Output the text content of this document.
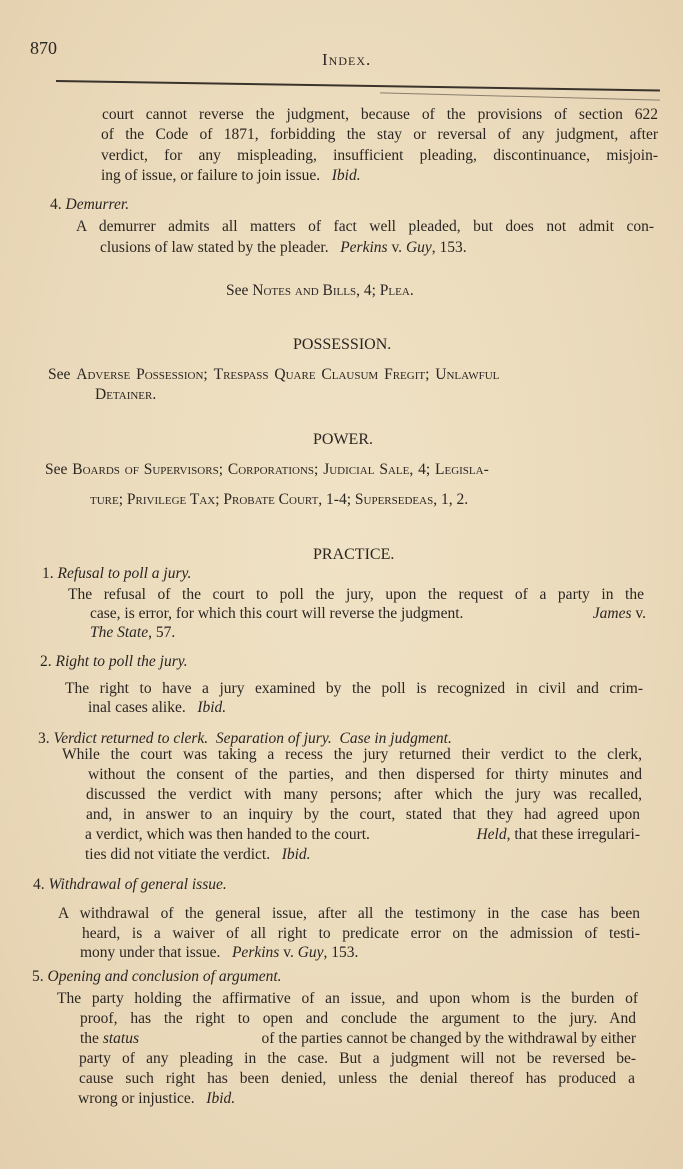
870
Index.
court cannot reverse the judgment, because of the provisions of section 622
of the Code of 1871, forbidding the stay or reversal of any judgment, after
verdict, for any mispleading, insufficient pleading, discontinuance, misjoin-
ing of issue, or failure to join issue. Ibid.
4. Demurrer.
A demurrer admits all matters of fact well pleaded, but does not admit con-
clusions of law stated by the pleader. Perkins v. Guy, 153.
See Notes and Bills, 4; Plea.
POSSESSION.
See Adverse Possession; Trespass Quare Clausum Fregit; Unlawful
Detainer.
POWER.
See Boards of Supervisors; Corporations; Judicial Sale, 4; Legisla-
ture; Privilege Tax; Probate Court, 1-4; Supersedeas, 1, 2.
PRACTICE.
1. Refusal to poll a jury.
The refusal of the court to poll the jury, upon the request of a party in the
case, is error, for which this court will reverse the judgment.	James v.
The State, 57.
2. Right to poll the jury.
The right to have a jury examined by the poll is recognized in civil and crim-
inal cases alike. Ibid.
3. Verdict returned to clerk.  Separation of jury.  Case in judgment.
While the court was taking a recess the jury returned their verdict to the clerk,
without the consent of the parties, and then dispersed for thirty minutes and
discussed the verdict with many persons; after which the jury was recalled,
and, in answer to an inquiry by the court, stated that they had agreed upon
a verdict, which was then handed to the court.	Held, that these irregulari-
ties did not vitiate the verdict. Ibid.
4. Withdrawal of general issue.
A withdrawal of the general issue, after all the testimony in the case has been
heard, is a waiver of all right to predicate error on the admission of testi-
mony under that issue. Perkins v. Guy, 153.
5. Opening and conclusion of argument.
The party holding the affirmative of an issue, and upon whom is the burden of
proof, has the right to open and conclude the argument to the jury. And
the status	of the parties cannot be changed by the withdrawal by either
party of any pleading in the case. But a judgment will not be reversed be-
cause such right has been denied, unless the denial thereof has produced a
wrong or injustice. Ibid.
